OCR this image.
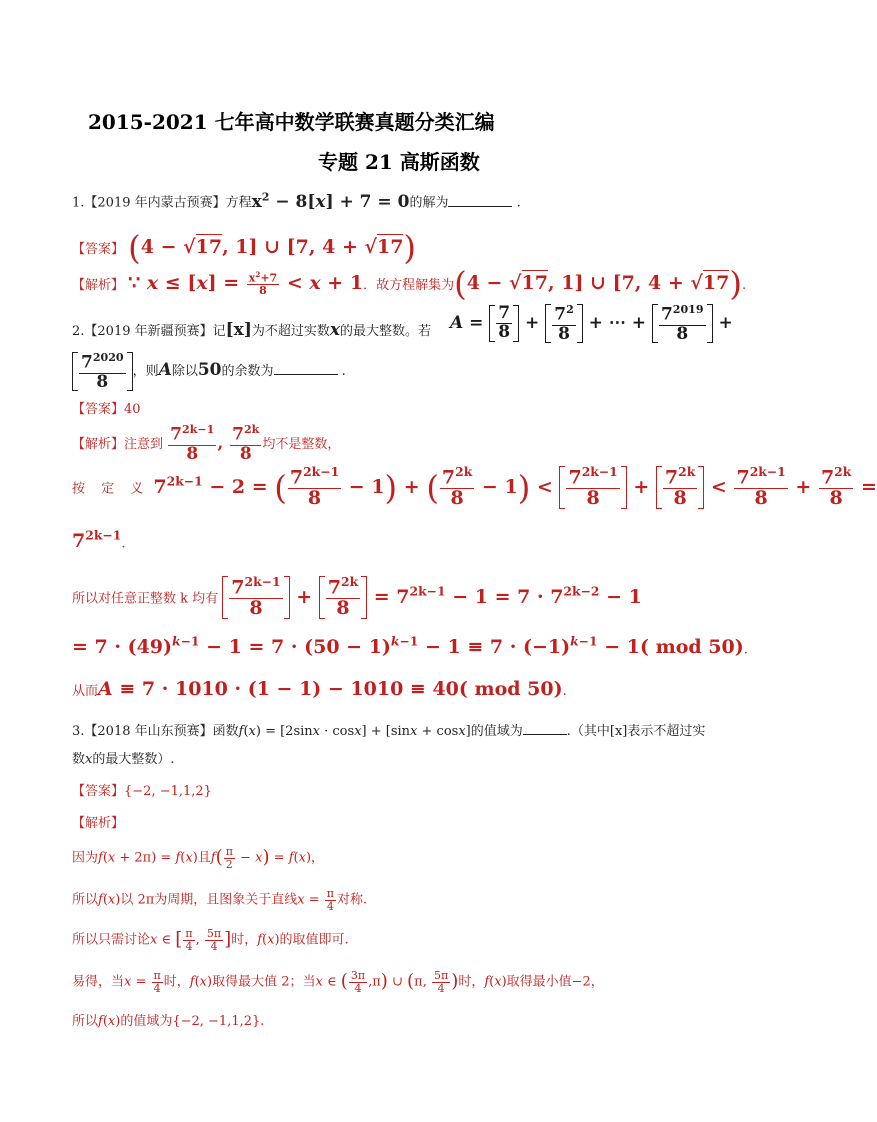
2015-2021 七年高中数学联赛真题分类汇编
专题 21 高斯函数
1.【2019 年内蒙古预赛】方程$x^2 - 8[x] + 7 = 0$的解为	.
【答案】 (4 − √17, 1] ∪ [7, 4 + √17)
【解析】 ∵ $x \le [x] = \frac{x^2+7}{8} < x + 1$．故方程解集为(4 − √17, 1] ∪ [7, 4 + √17).
2.【2019 年新疆预赛】记[x]为不超过实数x的最大整数。若 $A = \frac{7}{8} + \frac{7^2}{8}$ + ⋯ + $\frac{7^{2019}}{8}$ +
$\frac{7^{2020}}{8}$ ，则A除以50的余数为	.
【答案】40
【解析】注意到 $\frac{7^{2k-1}}{8}$ , $\frac{7^{2k}}{8}$ 均不是整数，
按 定 义 $7^{2k-1} - 2$ = ( $\frac{7^{2k-1}}{8} - 1$) + ( $\frac{7^{2k}}{8} - 1) < \frac{7^{2k-1}}{8} + \frac{7^{2k}}{8} < \frac{7^{2k-1}}{8} + \frac{7^{2k}}{8}$ =
$7^{2k-1}$.
所以对任意正整数 k 均有 $\frac{7^{2k-1}}{8} + \frac{7^{2k}}{8} = 7^{2k-1} - 1 = 7 \cdot 7^{2k-2} - 1$
= $7 \cdot (49)^{k-1} - 1 = 7 \cdot (50 - 1)^{k-1} - 1 \equiv 7 \cdot (-1)^{k-1} - 1$( mod 50).
从而A ≡ 7 · 1010 · (1 − 1) − 1010 ≡ 40( mod 50).
3.【2018 年山东预赛】函数f(x) = [2sinx · cosx] + [sinx + cosx]的值域为	.（其中[x]表示不超过实
数x的最大整数）.
【答案】{−2, −1,1,2}
【解析】
因为f(x + 2π) = f(x)且$f( \frac{\pi}{2} - x) = f(x)$，
所以f(x)以 2π为周期，且图象关于直线$x = \frac{\pi}{4}$ 对称.
所以只需讨论x ∈ [ $\frac{\pi}{4}$ , $\frac{5\pi}{4}$ ]时，f(x)的取值即可.
易得，当$x = \frac{\pi}{4}$ 时，f(x)取得最大值 2；当x ∈ ( $\frac{3\pi}{4} ,\pi$) ∪ (π, $\frac{5\pi}{4}$ )时，f(x)取得最小值−2，
所以f(x)的值域为{−2, −1,1,2}.
